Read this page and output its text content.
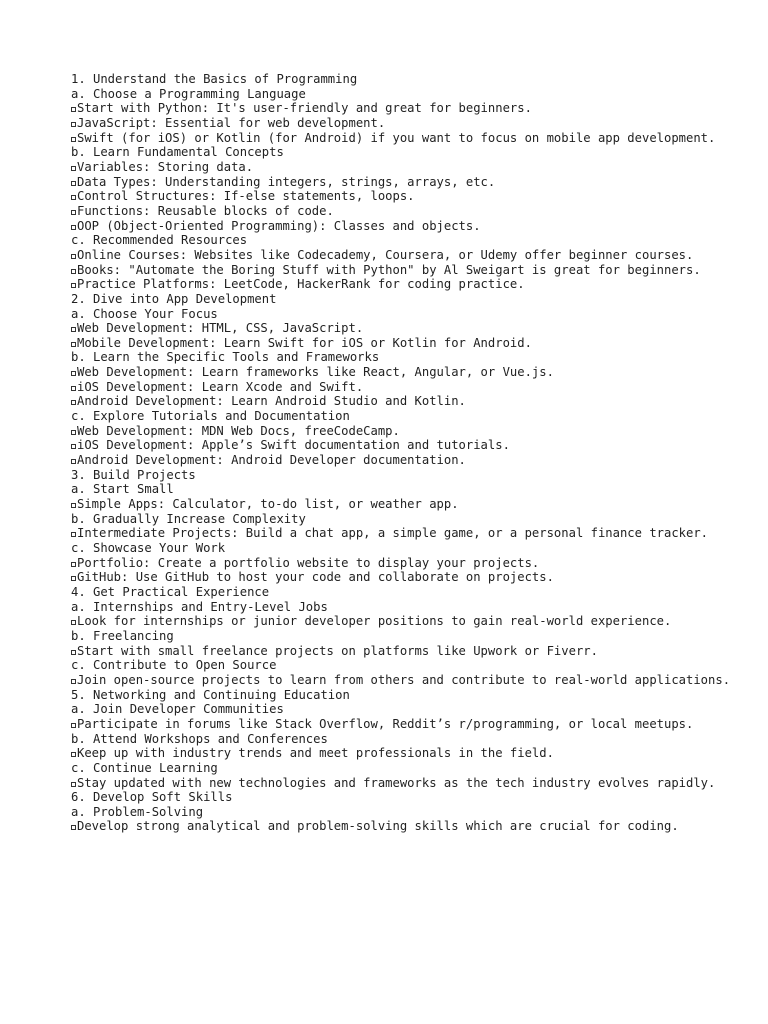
1. Understand the Basics of Programming
a. Choose a Programming Language
Start with Python: It's user-friendly and great for beginners.
JavaScript: Essential for web development.
Swift (for iOS) or Kotlin (for Android) if you want to focus on mobile app development.
b. Learn Fundamental Concepts
Variables: Storing data.
Data Types: Understanding integers, strings, arrays, etc.
Control Structures: If-else statements, loops.
Functions: Reusable blocks of code.
OOP (Object-Oriented Programming): Classes and objects.
c. Recommended Resources
Online Courses: Websites like Codecademy, Coursera, or Udemy offer beginner courses.
Books: "Automate the Boring Stuff with Python" by Al Sweigart is great for beginners.
Practice Platforms: LeetCode, HackerRank for coding practice.
2. Dive into App Development
a. Choose Your Focus
Web Development: HTML, CSS, JavaScript.
Mobile Development: Learn Swift for iOS or Kotlin for Android.
b. Learn the Specific Tools and Frameworks
Web Development: Learn frameworks like React, Angular, or Vue.js.
iOS Development: Learn Xcode and Swift.
Android Development: Learn Android Studio and Kotlin.
c. Explore Tutorials and Documentation
Web Development: MDN Web Docs, freeCodeCamp.
iOS Development: Apple’s Swift documentation and tutorials.
Android Development: Android Developer documentation.
3. Build Projects
a. Start Small
Simple Apps: Calculator, to-do list, or weather app.
b. Gradually Increase Complexity
Intermediate Projects: Build a chat app, a simple game, or a personal finance tracker.
c. Showcase Your Work
Portfolio: Create a portfolio website to display your projects.
GitHub: Use GitHub to host your code and collaborate on projects.
4. Get Practical Experience
a. Internships and Entry-Level Jobs
Look for internships or junior developer positions to gain real-world experience.
b. Freelancing
Start with small freelance projects on platforms like Upwork or Fiverr.
c. Contribute to Open Source
Join open-source projects to learn from others and contribute to real-world applications.
5. Networking and Continuing Education
a. Join Developer Communities
Participate in forums like Stack Overflow, Reddit’s r/programming, or local meetups.
b. Attend Workshops and Conferences
Keep up with industry trends and meet professionals in the field.
c. Continue Learning
Stay updated with new technologies and frameworks as the tech industry evolves rapidly.
6. Develop Soft Skills
a. Problem-Solving
Develop strong analytical and problem-solving skills which are crucial for coding.
